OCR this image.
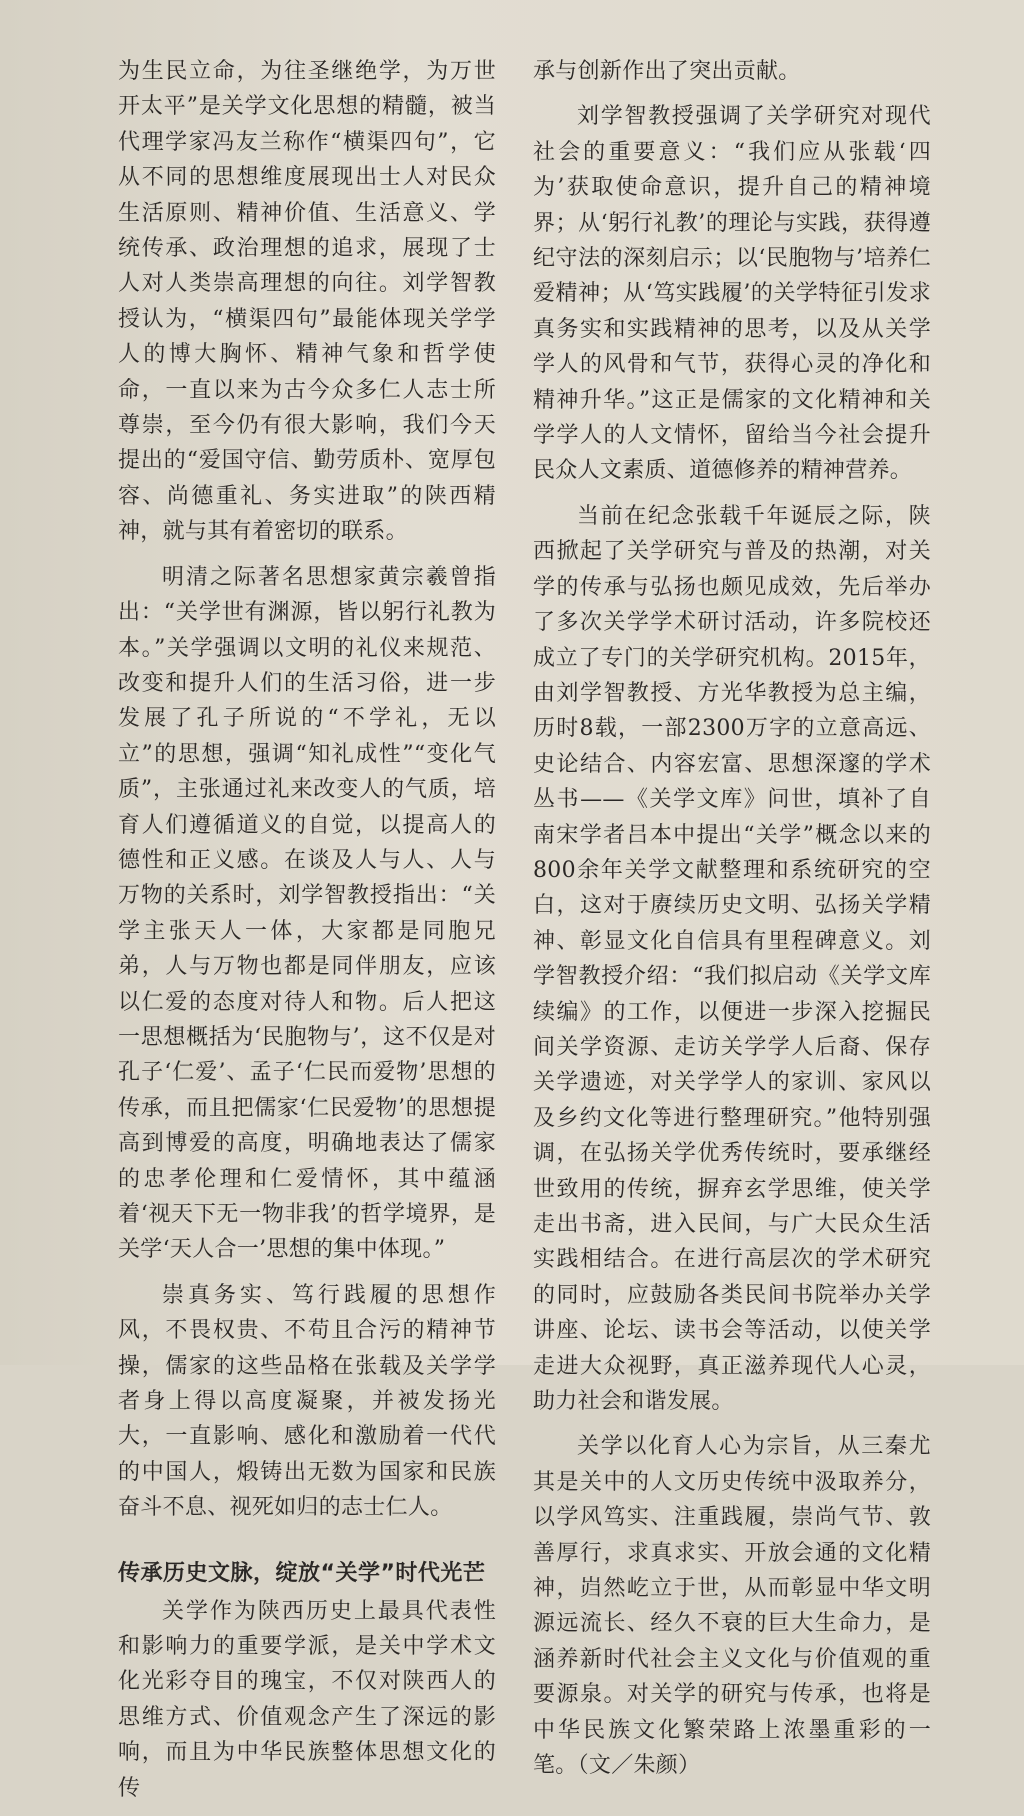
为生民立命，为往圣继绝学，为万世开太平”是关学文化思想的精髓，被当代理学家冯友兰称作“横渠四句”，它从不同的思想维度展现出士人对民众生活原则、精神价值、生活意义、学统传承、政治理想的追求，展现了士人对人类崇高理想的向往。刘学智教授认为，“横渠四句”最能体现关学学人的博大胸怀、精神气象和哲学使命，一直以来为古今众多仁人志士所尊崇，至今仍有很大影响，我们今天提出的“爱国守信、勤劳质朴、宽厚包容、尚德重礼、务实进取”的陕西精神，就与其有着密切的联系。

明清之际著名思想家黄宗羲曾指出：“关学世有渊源，皆以躬行礼教为本。”关学强调以文明的礼仪来规范、改变和提升人们的生活习俗，进一步发展了孔子所说的“不学礼，无以立”的思想，强调“知礼成性”“变化气质”，主张通过礼来改变人的气质，培育人们遵循道义的自觉，以提高人的德性和正义感。在谈及人与人、人与万物的关系时，刘学智教授指出：“关学主张天人一体，大家都是同胞兄弟，人与万物也都是同伴朋友，应该以仁爱的态度对待人和物。后人把这一思想概括为‘民胞物与’，这不仅是对孔子‘仁爱’、孟子‘仁民而爱物’思想的传承，而且把儒家‘仁民爱物’的思想提高到博爱的高度，明确地表达了儒家的忠孝伦理和仁爱情怀，其中蕴涵着‘视天下无一物非我’的哲学境界，是关学‘天人合一’思想的集中体现。”

崇真务实、笃行践履的思想作风，不畏权贵、不苟且合污的精神节操，儒家的这些品格在张载及关学学者身上得以高度凝聚，并被发扬光大，一直影响、感化和激励着一代代的中国人，煅铸出无数为国家和民族奋斗不息、视死如归的志士仁人。

传承历史文脉，绽放“关学”时代光芒

关学作为陕西历史上最具代表性和影响力的重要学派，是关中学术文化光彩夺目的瑰宝，不仅对陕西人的思维方式、价值观念产生了深远的影响，而且为中华民族整体思想文化的传

承与创新作出了突出贡献。

刘学智教授强调了关学研究对现代社会的重要意义：“我们应从张载‘四为’获取使命意识，提升自己的精神境界；从‘躬行礼教’的理论与实践，获得遵纪守法的深刻启示；以‘民胞物与’培养仁爱精神；从‘笃实践履’的关学特征引发求真务实和实践精神的思考，以及从关学学人的风骨和气节，获得心灵的净化和精神升华。”这正是儒家的文化精神和关学学人的人文情怀，留给当今社会提升民众人文素质、道德修养的精神营养。

当前在纪念张载千年诞辰之际，陕西掀起了关学研究与普及的热潮，对关学的传承与弘扬也颇见成效，先后举办了多次关学学术研讨活动，许多院校还成立了专门的关学研究机构。2015年，由刘学智教授、方光华教授为总主编，历时8载，一部2300万字的立意高远、史论结合、内容宏富、思想深邃的学术丛书——《关学文库》问世，填补了自南宋学者吕本中提出“关学”概念以来的800余年关学文献整理和系统研究的空白，这对于赓续历史文明、弘扬关学精神、彰显文化自信具有里程碑意义。刘学智教授介绍：“我们拟启动《关学文库续编》的工作，以便进一步深入挖掘民间关学资源、走访关学学人后裔、保存关学遗迹，对关学学人的家训、家风以及乡约文化等进行整理研究。”他特别强调，在弘扬关学优秀传统时，要承继经世致用的传统，摒弃玄学思维，使关学走出书斋，进入民间，与广大民众生活实践相结合。在进行高层次的学术研究的同时，应鼓励各类民间书院举办关学讲座、论坛、读书会等活动，以使关学走进大众视野，真正滋养现代人心灵，助力社会和谐发展。

关学以化育人心为宗旨，从三秦尤其是关中的人文历史传统中汲取养分，以学风笃实、注重践履，崇尚气节、敦善厚行，求真求实、开放会通的文化精神，岿然屹立于世，从而彰显中华文明源远流长、经久不衰的巨大生命力，是涵养新时代社会主义文化与价值观的重要源泉。对关学的研究与传承，也将是中华民族文化繁荣路上浓墨重彩的一笔。（文／朱颜）
